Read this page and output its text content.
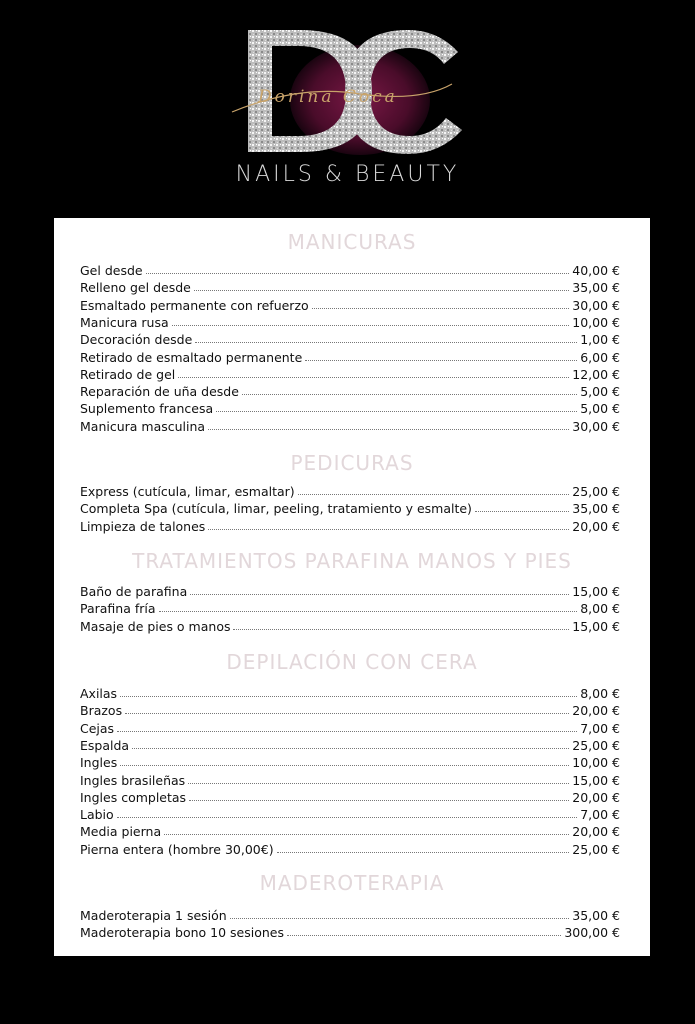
Dorina Coca
NAILS & BEAUTY
MANICURAS
Gel desde	40,00 €
Relleno gel desde	35,00 €
Esmaltado permanente con refuerzo	30,00 €
Manicura rusa	10,00 €
Decoración desde	1,00 €
Retirado de esmaltado permanente	6,00 €
Retirado de gel	12,00 €
Reparación de uña desde	5,00 €
Suplemento francesa	5,00 €
Manicura masculina	30,00 €
PEDICURAS
Express (cutícula, limar, esmaltar)	25,00 €
Completa Spa (cutícula, limar, peeling, tratamiento y esmalte)	35,00 €
Limpieza de talones	20,00 €
TRATAMIENTOS PARAFINA MANOS Y PIES
Baño de parafina	15,00 €
Parafina fría	8,00 €
Masaje de pies o manos	15,00 €
DEPILACIÓN CON CERA
Axilas	8,00 €
Brazos	20,00 €
Cejas	7,00 €
Espalda	25,00 €
Ingles	10,00 €
Ingles brasileñas	15,00 €
Ingles completas	20,00 €
Labio	7,00 €
Media pierna	20,00 €
Pierna entera (hombre 30,00€)	25,00 €
MADEROTERAPIA
Maderoterapia 1 sesión	35,00 €
Maderoterapia bono 10 sesiones	300,00 €
